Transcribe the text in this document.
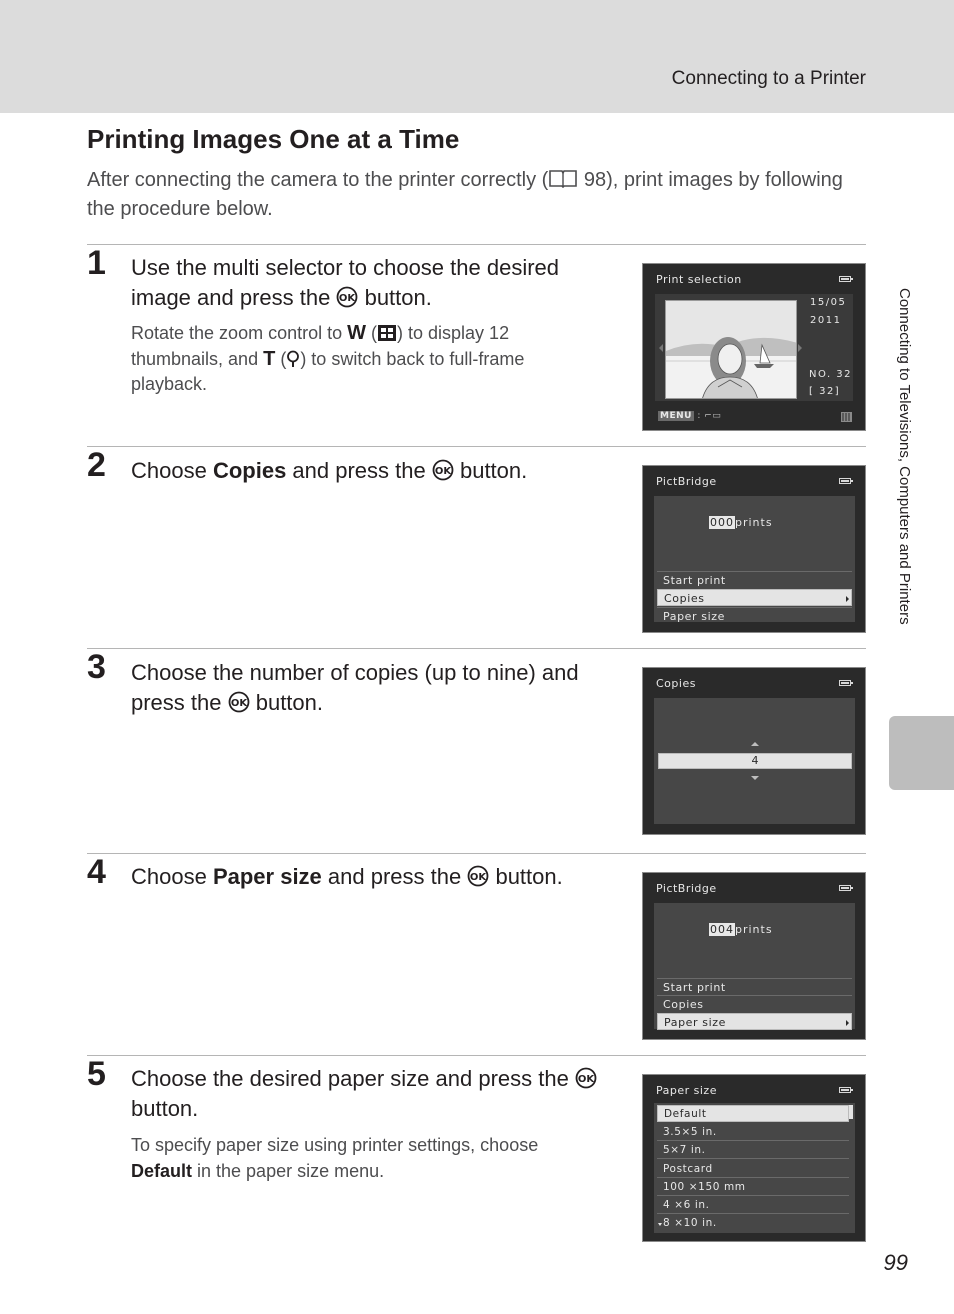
Connecting to a Printer
Printing Images One at a Time
After connecting the camera to the printer correctly ( 98), print images by following the procedure below.
1 Use the multi selector to choose the desired image and press the OK button.
Rotate the zoom control to W ( ) to display 12 thumbnails, and T ( ) to switch back to full-frame playback.
Print selection
15/05
2011
NO. 32
[ 32]
MENU : ⌐▭
2 Choose Copies and press the OK button.	PictBridge
000prints
Start print
Copies
Paper size
3 Choose the number of copies (up to nine) and press the OK button.
Copies
4
4 Choose Paper size and press the OK button.	PictBridge
004prints
Start print
Copies
Paper size
5 Choose the desired paper size and press the OK
button.
To specify paper size using printer settings, choose Default in the paper size menu.
Paper size
Default
3.5×5 in.
5×7 in.
Postcard
100 ×150 mm
4 ×6 in.
8 ×10 in.
Connecting to Televisions, Computers and Printers
99
